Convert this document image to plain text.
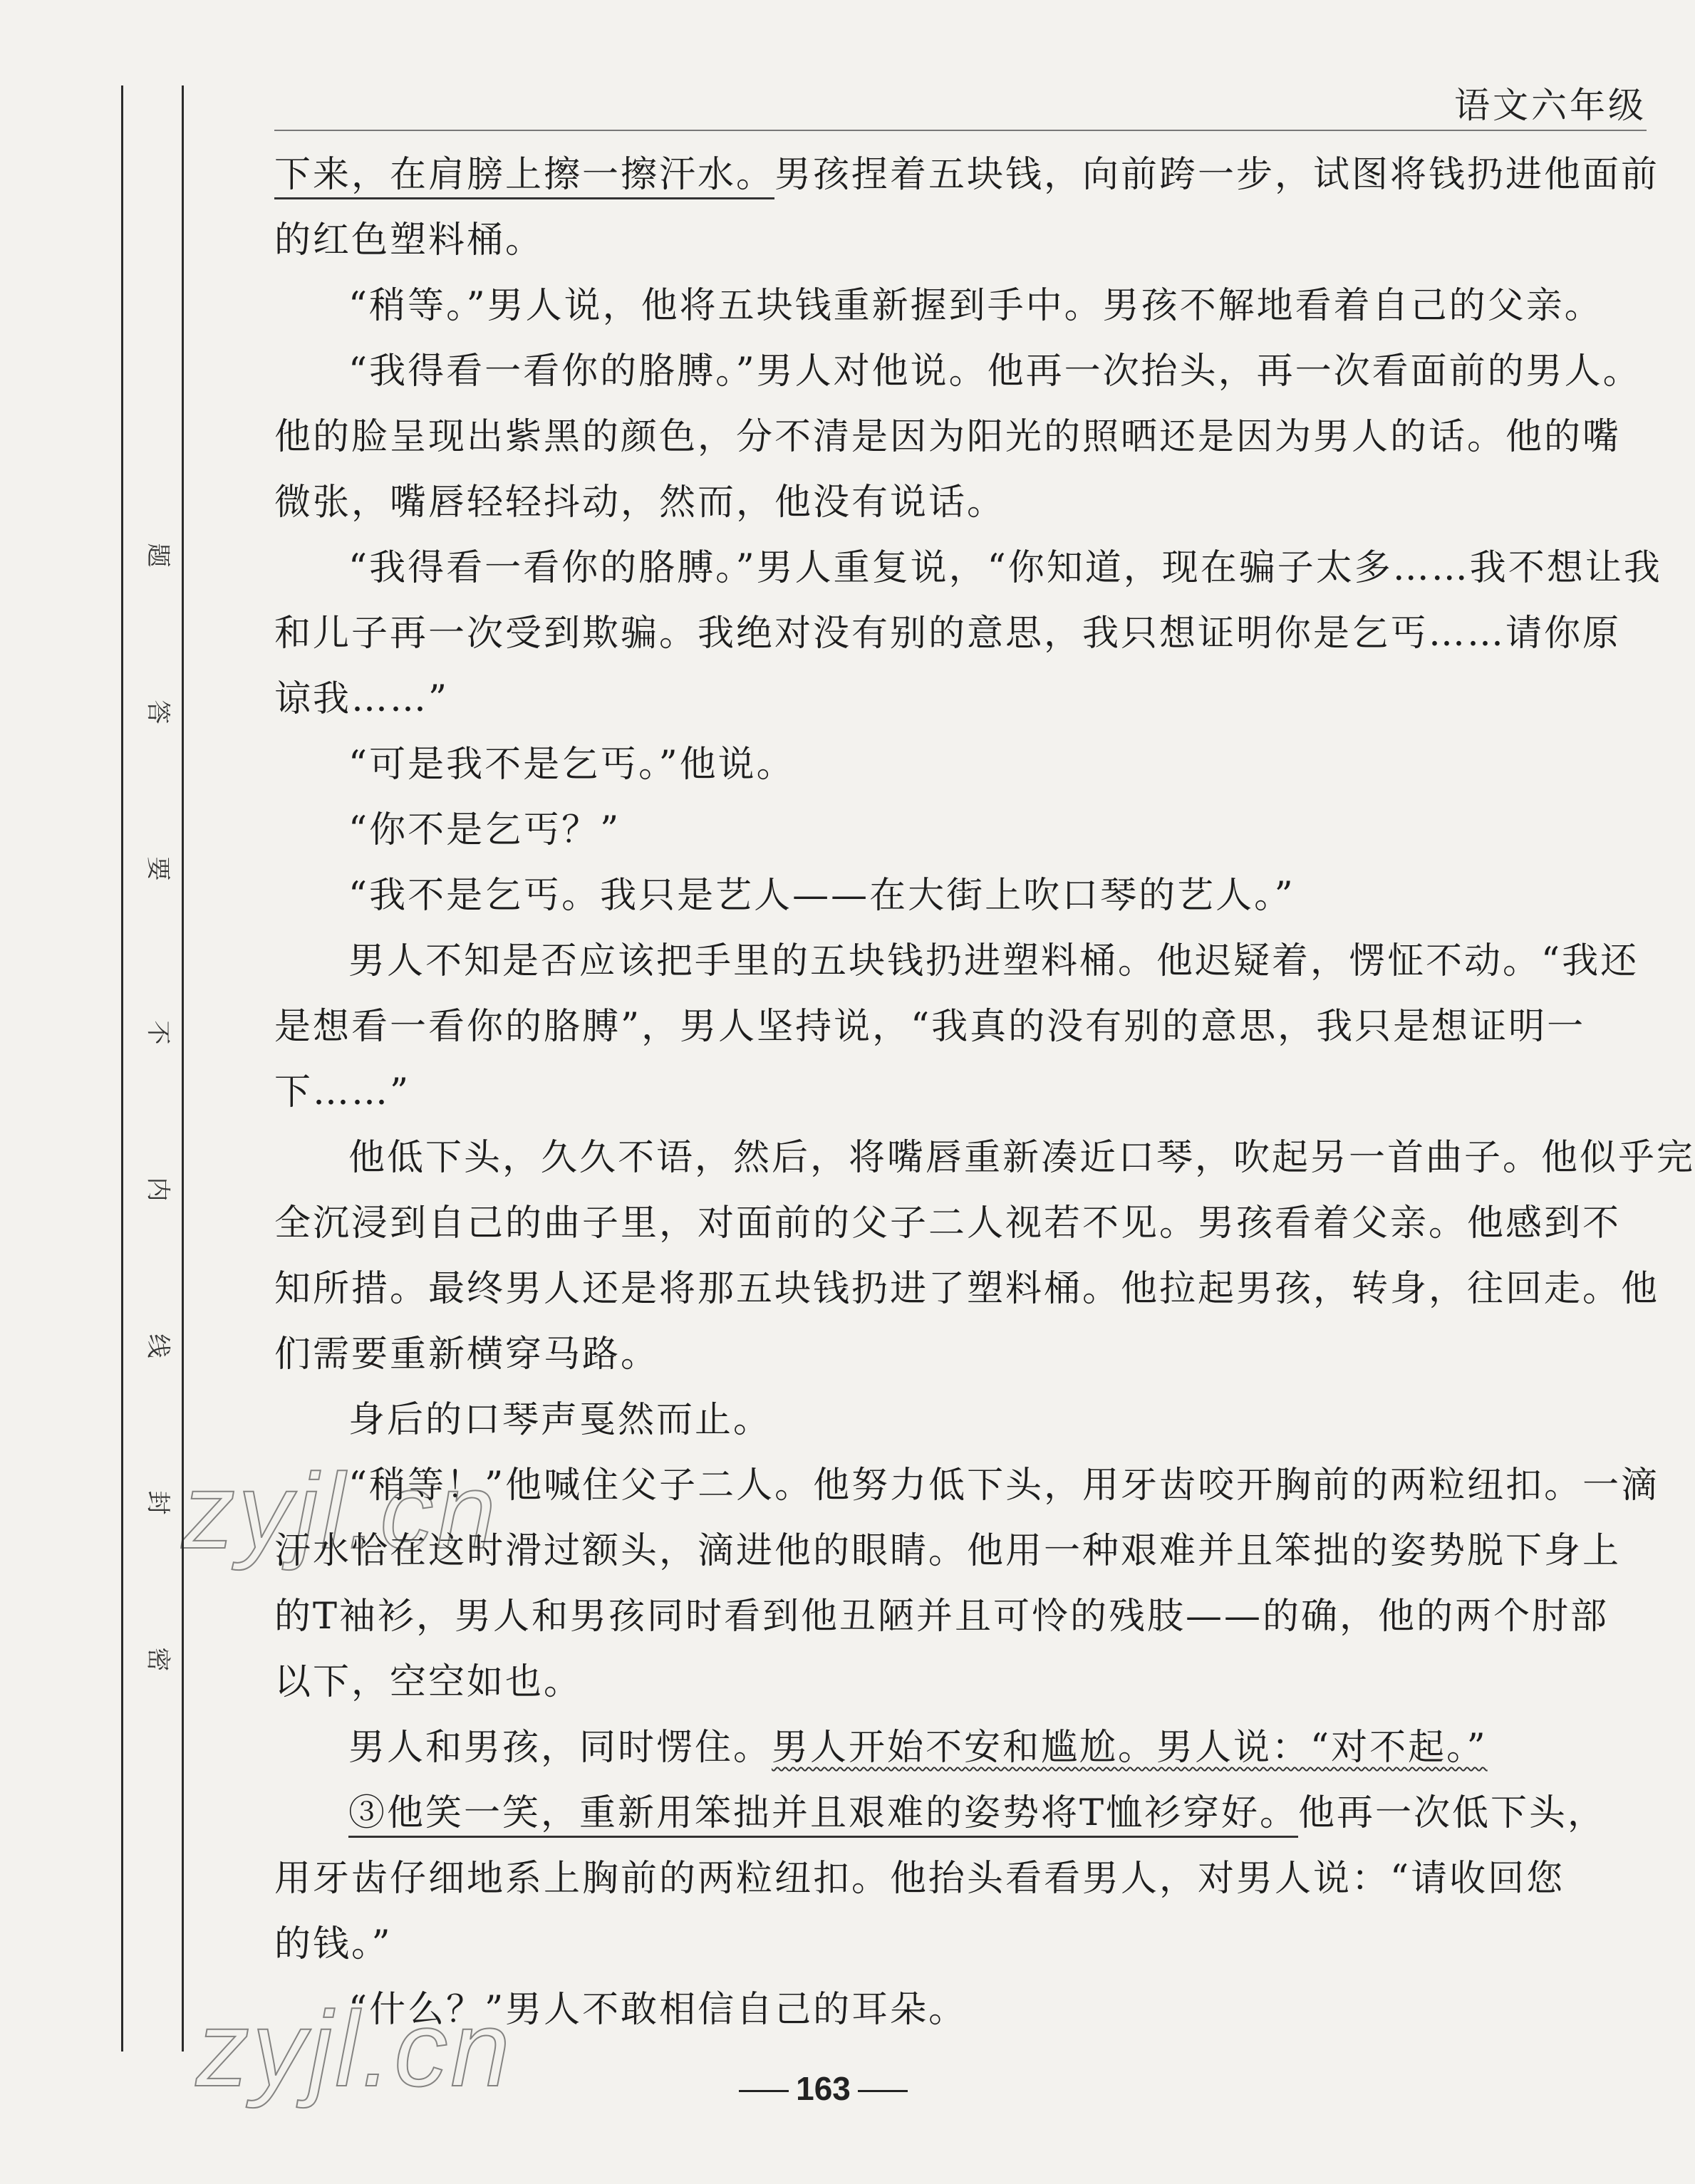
题
答
要
不
内
线
封
密
语文六年级
下来，在肩膀上擦一擦汗水。男孩捏着五块钱，向前跨一步，试图将钱扔进他面前
的红色塑料桶。
“稍等。”男人说，他将五块钱重新握到手中。男孩不解地看着自己的父亲。
“我得看一看你的胳膊。”男人对他说。他再一次抬头，再一次看面前的男人。
他的脸呈现出紫黑的颜色，分不清是因为阳光的照晒还是因为男人的话。他的嘴
微张，嘴唇轻轻抖动，然而，他没有说话。
“我得看一看你的胳膊。”男人重复说，“你知道，现在骗子太多……我不想让我
和儿子再一次受到欺骗。我绝对没有别的意思，我只想证明你是乞丐……请你原
谅我……”
“可是我不是乞丐。”他说。
“你不是乞丐？”
“我不是乞丐。我只是艺人——在大街上吹口琴的艺人。”
男人不知是否应该把手里的五块钱扔进塑料桶。他迟疑着，愣怔不动。“我还
是想看一看你的胳膊”，男人坚持说，“我真的没有别的意思，我只是想证明一
下……”
他低下头，久久不语，然后，将嘴唇重新凑近口琴，吹起另一首曲子。他似乎完
全沉浸到自己的曲子里，对面前的父子二人视若不见。男孩看着父亲。他感到不
知所措。最终男人还是将那五块钱扔进了塑料桶。他拉起男孩，转身，往回走。他
们需要重新横穿马路。
身后的口琴声戛然而止。
“稍等！”他喊住父子二人。他努力低下头，用牙齿咬开胸前的两粒纽扣。一滴
汗水恰在这时滑过额头，滴进他的眼睛。他用一种艰难并且笨拙的姿势脱下身上
的T袖衫，男人和男孩同时看到他丑陋并且可怜的残肢——的确，他的两个肘部
以下，空空如也。
男人和男孩，同时愣住。男人开始不安和尴尬。男人说：“对不起。”
③他笑一笑，重新用笨拙并且艰难的姿势将T恤衫穿好。他再一次低下头，
用牙齿仔细地系上胸前的两粒纽扣。他抬头看看男人，对男人说：“请收回您
的钱。”
“什么？”男人不敢相信自己的耳朵。
zyjl.cn
zyjl.cn	163
